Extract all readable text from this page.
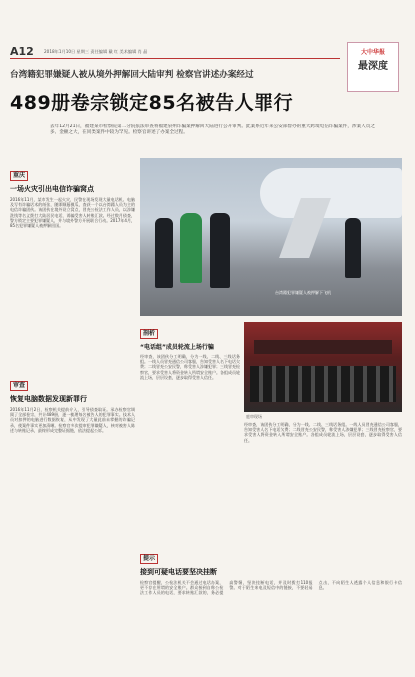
A12 2018年1月10日 星期三 责任编辑 戴 红 美术编辑 肖 晶	大中华报
最深度
台湾籍犯罪嫌疑人被从境外押解回大陆审判 检察官讲述办案经过
489册卷宗锁定85名被告人罪行
去年12月21日，福建某市检察院第二分院依法审查将福建泉州诈骗案押解回大陆进行公开审判。此案系近年来公安部督办的重大跨境电信诈骗案件，涉案人员之多、金额之大，在同类案件中较为罕见。检察官讲述了办案全过程。
重庆
一场火灾引出电信诈骗窝点
2016年11月，某市发生一起火灾，民警在现场发现大量电话机、电脑及写有诈骗话术的纸张，随即顺藤摸瓜，查获一个以台湾籍人员为主的电信诈骗团伙。该团伙在境外设立窝点，冒充公检法工作人员，以涉嫌洗钱等名义拨打大陆居民电话，诱骗受害人转账汇款。经过数月侦查，警方锁定主要犯罪嫌疑人，并与境外警方开展联合行动。2017年4月，85名犯罪嫌疑人被押解回国。
台湾籍犯罪嫌疑人被押解下飞机
剖析
“电话组”成员轮流上场行骗
经审查，该团伙分工明确，分为一线、二线、三线话务组。一线人员冒充通信公司客服，告知受害人名下电话欠费；二线冒充公安民警，称受害人涉嫌犯罪；三线冒充检察官，要求受害人将资金转入所谓安全账户。各组成员轮流上场，层层设套，逐步取得受害人信任。
庭审现场
经审查，该团伙分工明确，分为一线、二线、三线话务组。一线人员冒充通信公司客服，告知受害人名下电话欠费；二线冒充公安民警，称受害人涉嫌犯罪；三线冒充检察官，要求受害人将资金转入所谓安全账户。各组成员轮流上场，层层设套，逐步取得受害人信任。
审查
恢复电脑数据发现新罪行
2016年11月2日，检察机关提前介入，引导侦查取证。承办检察官调阅了全部卷宗，共计489册，逐一梳理每名被告人的犯罪事实。技术人员对扣押的电脑进行数据恢复，从中发现了大量此前未掌握的诈骗记录，使案件事实更加清晰。检察官多次提审犯罪嫌疑人，核对被害人陈述与转账记录，最终形成完整证据链，依法提起公诉。
提示
接到可疑电话要坚决挂断
检察官提醒，公检法机关不会通过电话办案，更不存在所谓的安全账户。群众接到自称公检法工作人员的电话，要求转账汇款的，务必提高警惕，坚决挂断电话，并及时拨打110报警。对于陌生来电及短信中的链接，不要轻易点击，不向陌生人透露个人信息和银行卡信息。
